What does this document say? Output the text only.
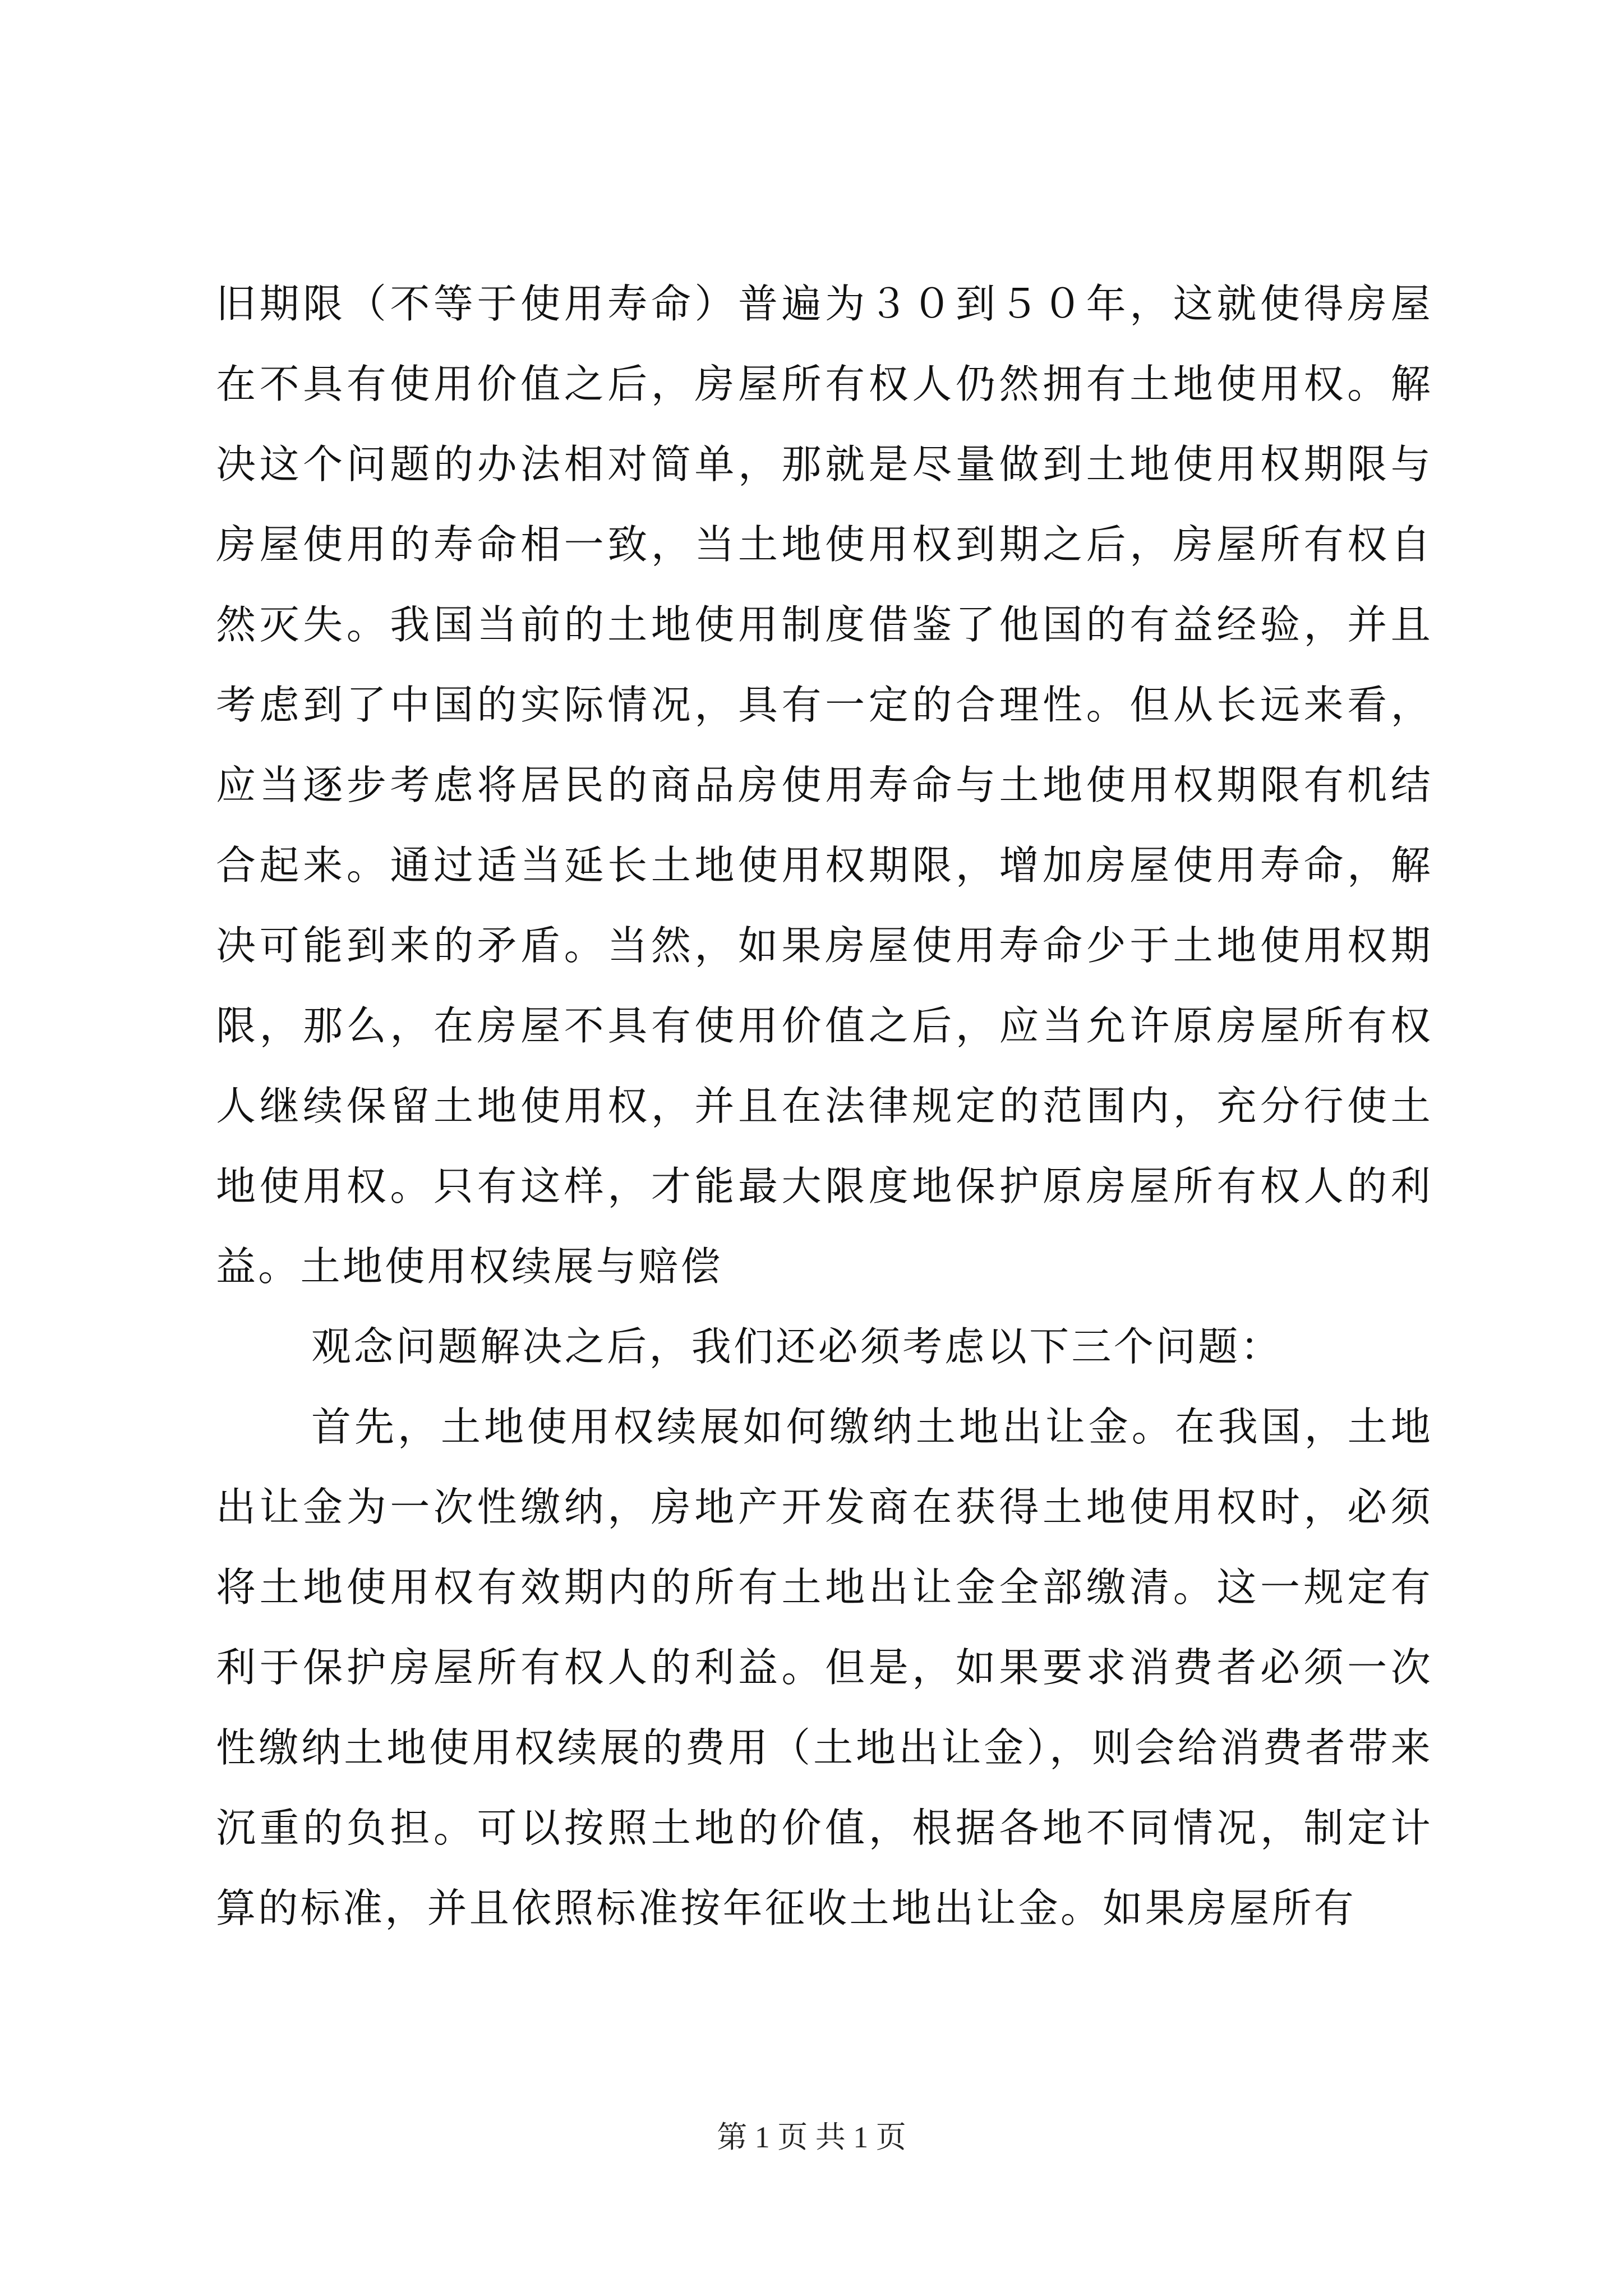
旧期限（不等于使用寿命）普遍为３０到５０年，这就使得房屋在不具有使用价值之后，房屋所有权人仍然拥有土地使用权。解决这个问题的办法相对简单，那就是尽量做到土地使用权期限与房屋使用的寿命相一致，当土地使用权到期之后，房屋所有权自然灭失。我国当前的土地使用制度借鉴了他国的有益经验，并且考虑到了中国的实际情况，具有一定的合理性。但从长远来看，应当逐步考虑将居民的商品房使用寿命与土地使用权期限有机结合起来。通过适当延长土地使用权期限，增加房屋使用寿命，解决可能到来的矛盾。当然，如果房屋使用寿命少于土地使用权期限，那么，在房屋不具有使用价值之后，应当允许原房屋所有权人继续保留土地使用权，并且在法律规定的范围内，充分行使土地使用权。只有这样，才能最大限度地保护原房屋所有权人的利益。土地使用权续展与赔偿

观念问题解决之后，我们还必须考虑以下三个问题：

首先，土地使用权续展如何缴纳土地出让金。在我国，土地出让金为一次性缴纳，房地产开发商在获得土地使用权时，必须将土地使用权有效期内的所有土地出让金全部缴清。这一规定有利于保护房屋所有权人的利益。但是，如果要求消费者必须一次性缴纳土地使用权续展的费用（土地出让金），则会给消费者带来沉重的负担。可以按照土地的价值，根据各地不同情况，制定计算的标准，并且依照标准按年征收土地出让金。如果房屋所有

第 1 页 共 1 页
